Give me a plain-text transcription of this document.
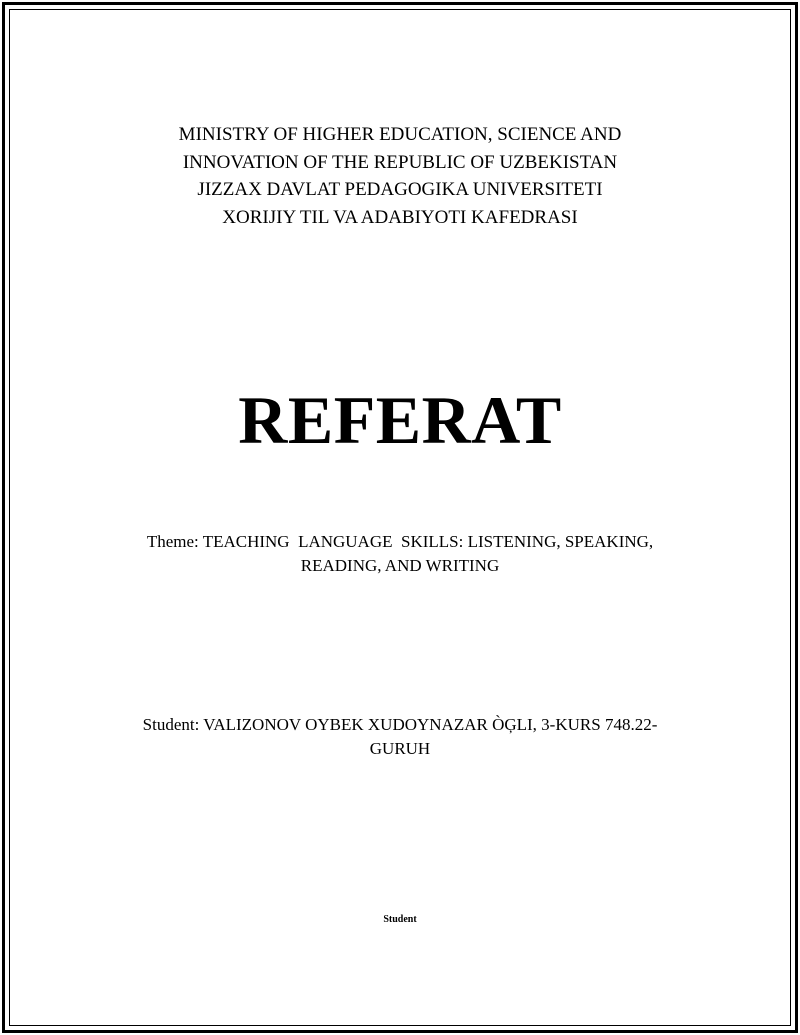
MINISTRY OF HIGHER EDUCATION, SCIENCE AND
INNOVATION OF THE REPUBLIC OF UZBEKISTAN
JIZZAX DAVLAT PEDAGOGIKA UNIVERSITETI
XORIJIY TIL VA ADABIYOTI KAFEDRASI
REFERAT
Theme: TEACHING  LANGUAGE  SKILLS: LISTENING, SPEAKING,
READING, AND WRITING
Student: VALIZONOV OYBEK XUDOYNAZAR ÒĢLI, 3-KURS 748.22-
GURUH
Student
